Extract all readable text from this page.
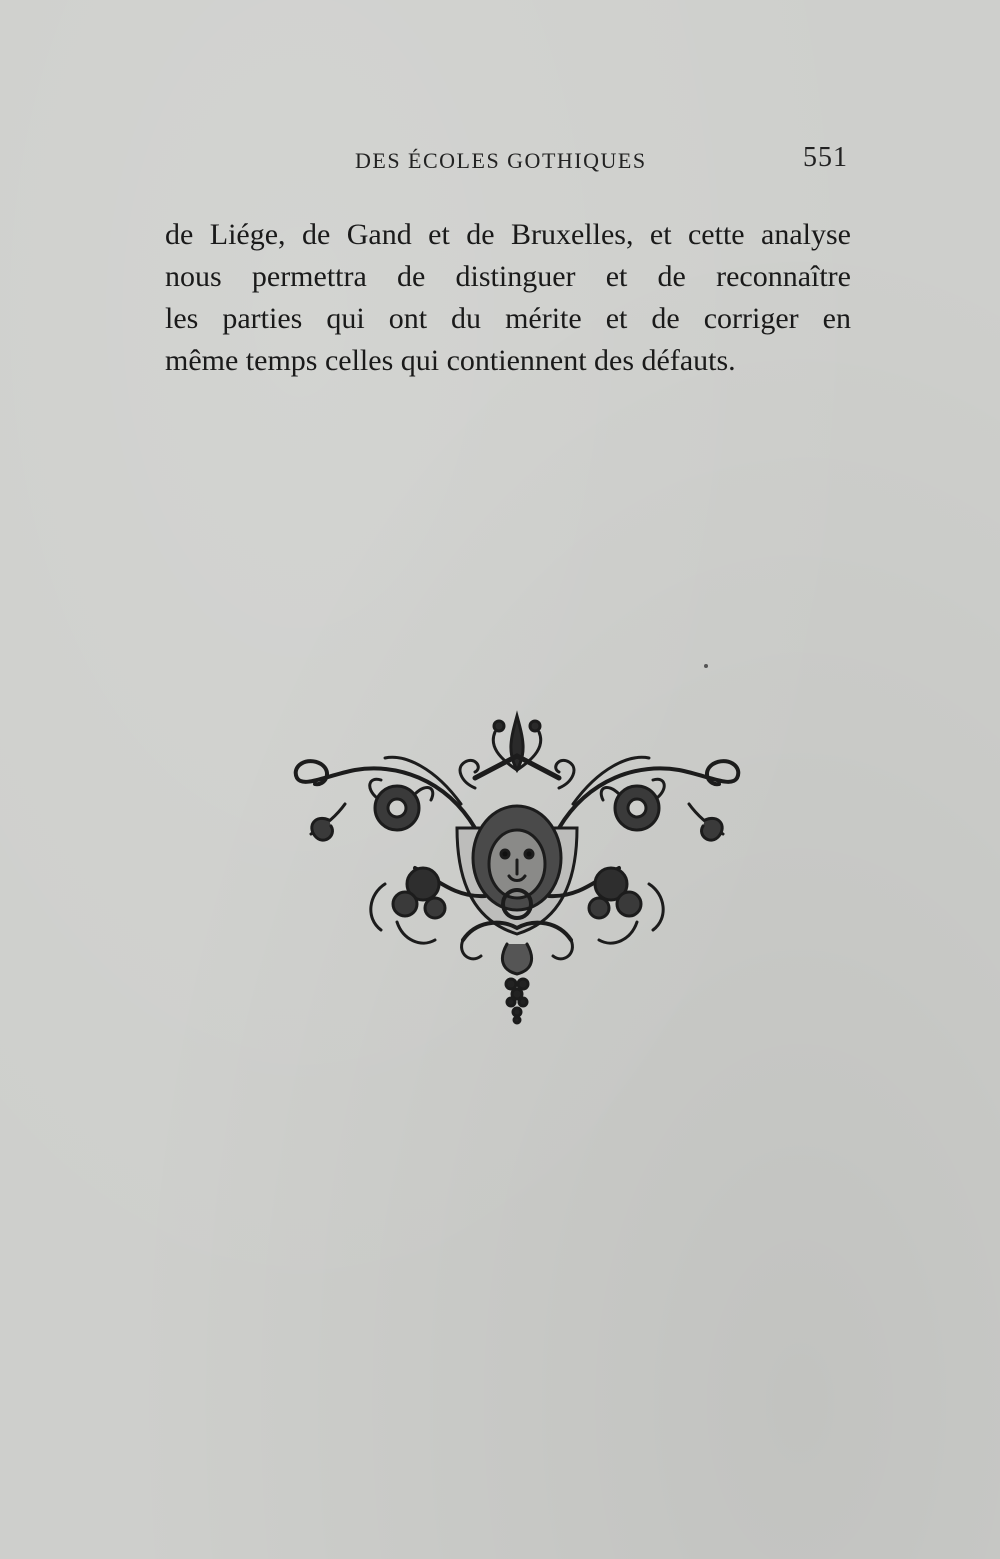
DES ÉCOLES GOTHIQUES	551
de Liége, de Gand et de Bruxelles, et cette analyse
nous permettra de distinguer et de reconnaître
les parties qui ont du mérite et de corriger en
même temps celles qui contiennent des défauts.
